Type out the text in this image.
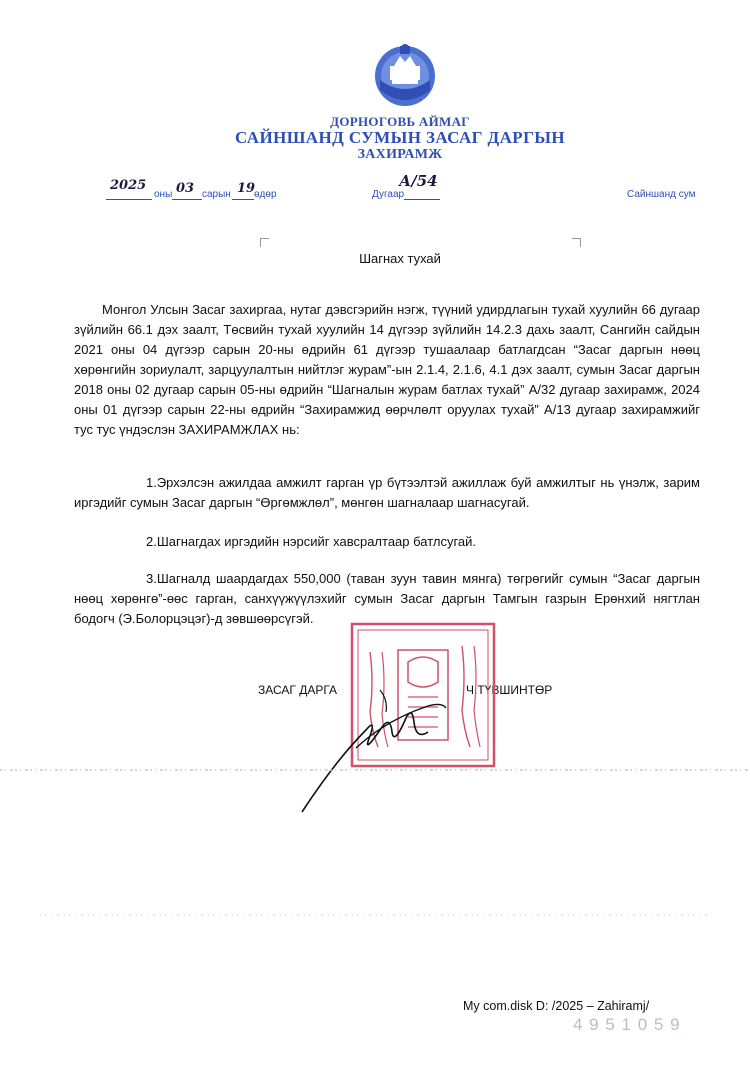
ДОРНОГОВЬ АЙМАГ
САЙНШАНД СУМЫН ЗАСАГ ДАРГЫН
ЗАХИРАМЖ
2025
оны 03 сарын 19
өдөр	Дугаар
А/54
Сайншанд сум
Шагнах тухай

Монгол Улсын Засаг захиргаа, нутаг дэвсгэрийн нэгж, түүний удирдлагын тухай хуулийн 66 дугаар зүйлийн 66.1 дэх заалт, Төсвийн тухай хуулийн 14 дүгээр зүйлийн 14.2.3 дахь заалт, Сангийн сайдын 2021 оны 04 дүгээр сарын 20-ны өдрийн 61 дүгээр тушаалаар батлагдсан “Засаг даргын нөөц хөрөнгийн зориулалт, зарцуулалтын нийтлэг журам”-ын 2.1.4, 2.1.6, 4.1 дэх заалт, сумын Засаг даргын 2018 оны 02 дугаар сарын 05-ны өдрийн “Шагналын журам батлах тухай” А/32 дугаар захирамж, 2024 оны 01 дүгээр сарын 22-ны өдрийн “Захирамжид өөрчлөлт оруулах тухай” А/13 дугаар захирамжийг тус тус үндэслэн ЗАХИРАМЖЛАХ нь:

1.Эрхэлсэн ажилдаа амжилт гарган үр бүтээлтэй ажиллаж буй амжилтыг нь үнэлж, зарим иргэдийг сумын Засаг даргын “Өргөмжлөл”, мөнгөн шагналаар шагнасугай.

2.Шагнагдах иргэдийн нэрсийг хавсралтаар батлсугай.

3.Шагналд шаардагдах 550,000 (таван зуун тавин мянга) төгрөгийг сумын “Засаг даргын нөөц хөрөнгө”-өөс гарган, санхүүжүүлэхийг сумын Засаг даргын Тамгын газрын Ерөнхий нягтлан бодогч (Э.Болорцэцэг)-д зөвшөөрсүгэй.

ЗАСАГ ДАРГА	Ч.ТҮВШИНТӨР
My com.disk D: /2025 – Zahiramj/
4 9 5 1 0 5 9
